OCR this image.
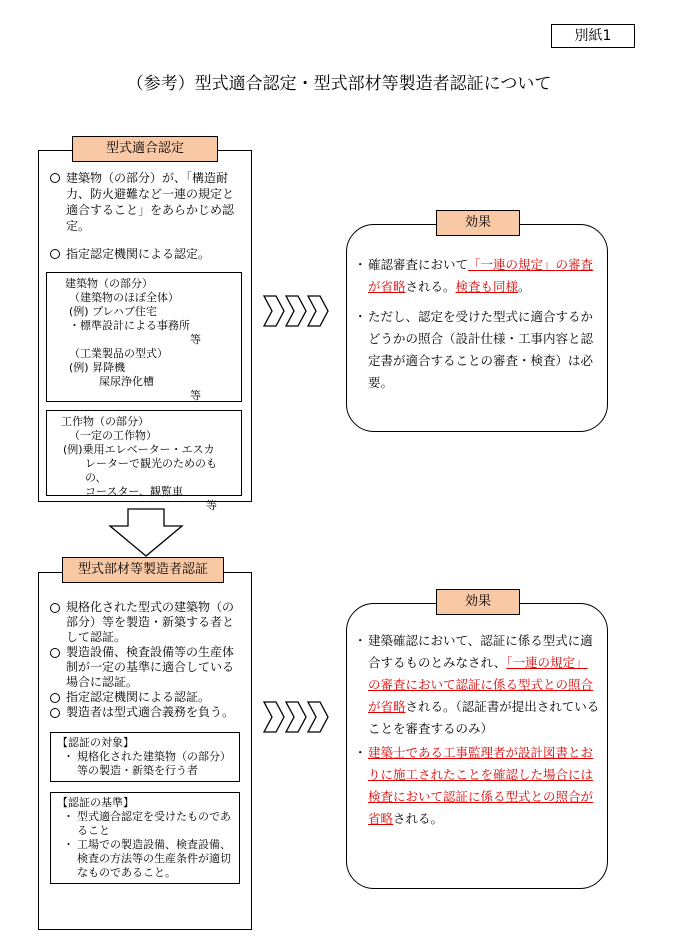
別紙1
（参考）型式適合認定・型式部材等製造者認証について
型式適合認定
建築物（の部分）が、「構造耐力、防火避難など一連の規定と適合すること」をあらかじめ認定。
指定認定機関による認定。
建築物（の部分）
（建築物のほぼ全体）
(例) プレハブ住宅
・標準設計による事務所
等
（工業製品の型式）
(例) 昇降機
屎尿浄化槽
等
工作物（の部分）
（一定の工作物）
(例)乗用エレベーター・エスカ
レーターで観光のためのもの、
コースター、観覧車
等
効果
・ 確認審査において「一連の規定」の審査が省略される。検査も同様。
・ ただし、認定を受けた型式に適合するかどうかの照合（設計仕様・工事内容と認定書が適合することの審査・検査）は必要。
型式部材等製造者認証
規格化された型式の建築物（の部分）等を製造・新築する者として認証。
製造設備、検査設備等の生産体制が一定の基準に適合している場合に認証。
指定認定機関による認証。
製造者は型式適合義務を負う。
【認証の対象】
・ 規格化された建築物（の部分）等の製造・新築を行う者
【認証の基準】
・ 型式適合認定を受けたものであること
・ 工場での製造設備、検査設備、検査の方法等の生産条件が適切なものであること。
効果
・ 建築確認において、認証に係る型式に適合するものとみなされ、「一連の規定」の審査において認証に係る型式との照合が省略される。（認証書が提出されていることを審査するのみ）
・ 建築士である工事監理者が設計図書とおりに施工されたことを確認した場合には検査において認証に係る型式との照合が省略される。
